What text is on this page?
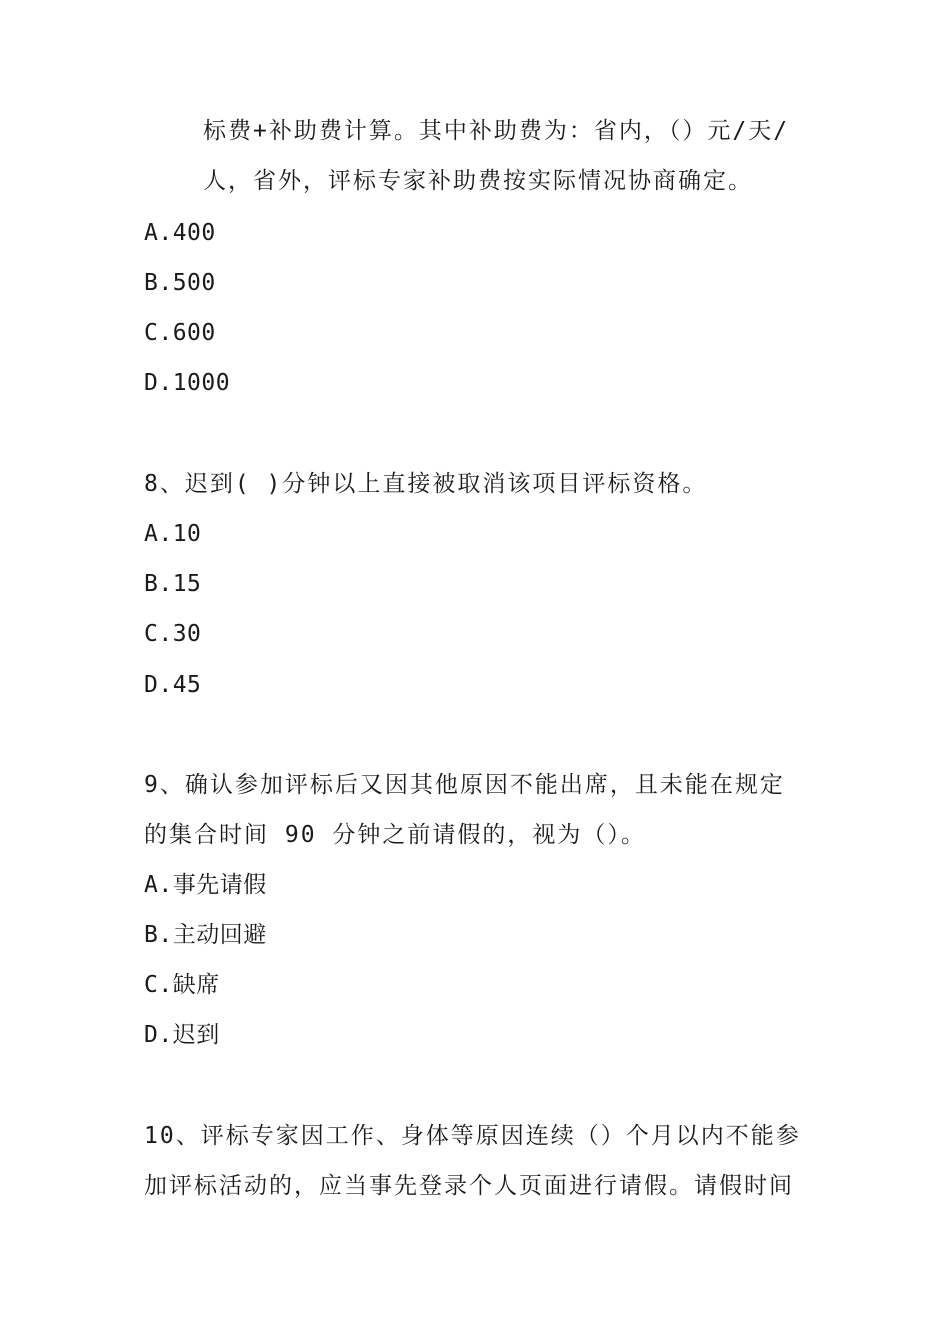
标费+补助费计算。其中补助费为：省内，（）元/天/
人，省外，评标专家补助费按实际情况协商确定。
A.400
B.500
C.600
D.1000
8、迟到( )分钟以上直接被取消该项目评标资格。
A.10
B.15
C.30
D.45
9、确认参加评标后又因其他原因不能出席，且未能在规定
的集合时间 90 分钟之前请假的，视为（）。
A.事先请假
B.主动回避
C.缺席
D.迟到
10、评标专家因工作、身体等原因连续（）个月以内不能参
加评标活动的，应当事先登录个人页面进行请假。请假时间
